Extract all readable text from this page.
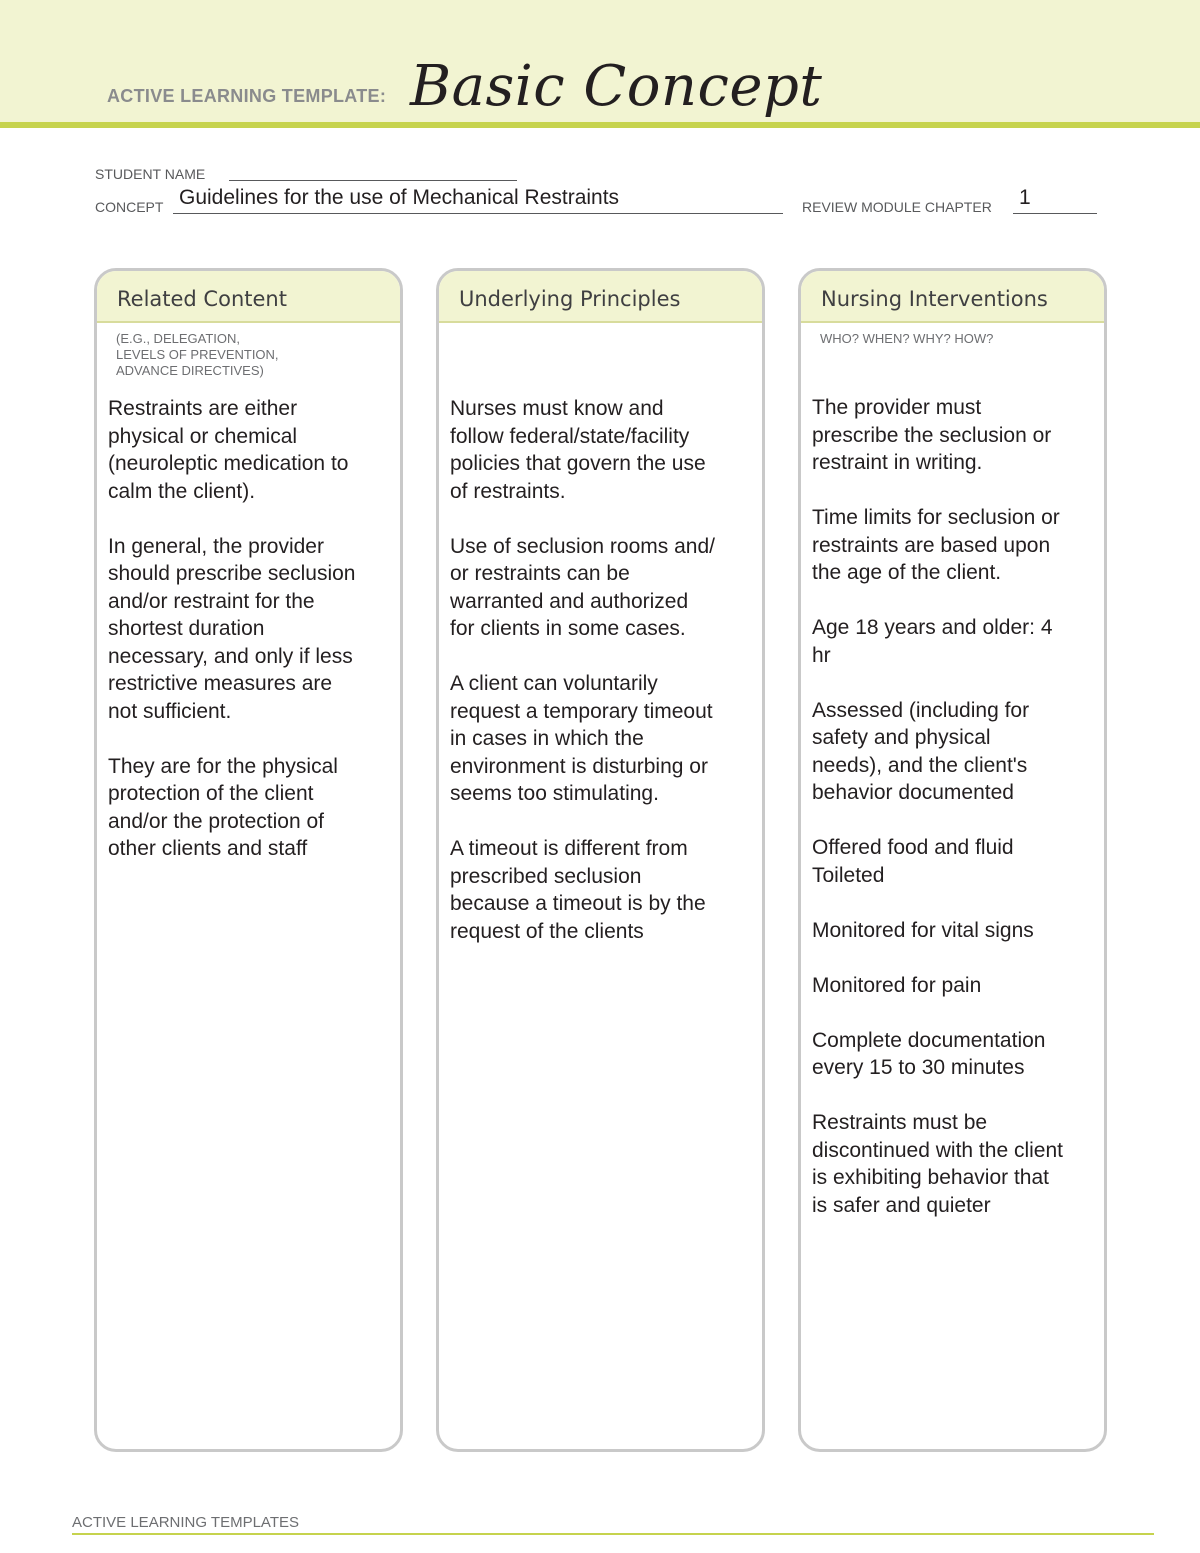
ACTIVE LEARNING TEMPLATE: Basic Concept
STUDENT NAME
CONCEPT Guidelines for the use of Mechanical Restraints	REVIEW MODULE CHAPTER 1
Related Content
(E.G., DELEGATION,
LEVELS OF PREVENTION,
ADVANCE DIRECTIVES)

Restraints are either
physical or chemical
(neuroleptic medication to
calm the client).

In general, the provider
should prescribe seclusion
and/or restraint for the
shortest duration
necessary, and only if less
restrictive measures are
not sufficient.

They are for the physical
protection of the client
and/or the protection of
other clients and staff

Underlying Principles

Nurses must know and
follow federal/state/facility
policies that govern the use
of restraints.

Use of seclusion rooms and/
or restraints can be
warranted and authorized
for clients in some cases.

A client can voluntarily
request a temporary timeout
in cases in which the
environment is disturbing or
seems too stimulating.

A timeout is different from
prescribed seclusion
because a timeout is by the
request of the clients

Nursing Interventions
WHO? WHEN? WHY? HOW?

The provider must
prescribe the seclusion or
restraint in writing.

Time limits for seclusion or
restraints are based upon
the age of the client.

Age 18 years and older: 4
hr

Assessed (including for
safety and physical
needs), and the client's
behavior documented

Offered food and fluid
Toileted

Monitored for vital signs

Monitored for pain

Complete documentation
every 15 to 30 minutes

Restraints must be
discontinued with the client
is exhibiting behavior that
is safer and quieter

ACTIVE LEARNING TEMPLATES
